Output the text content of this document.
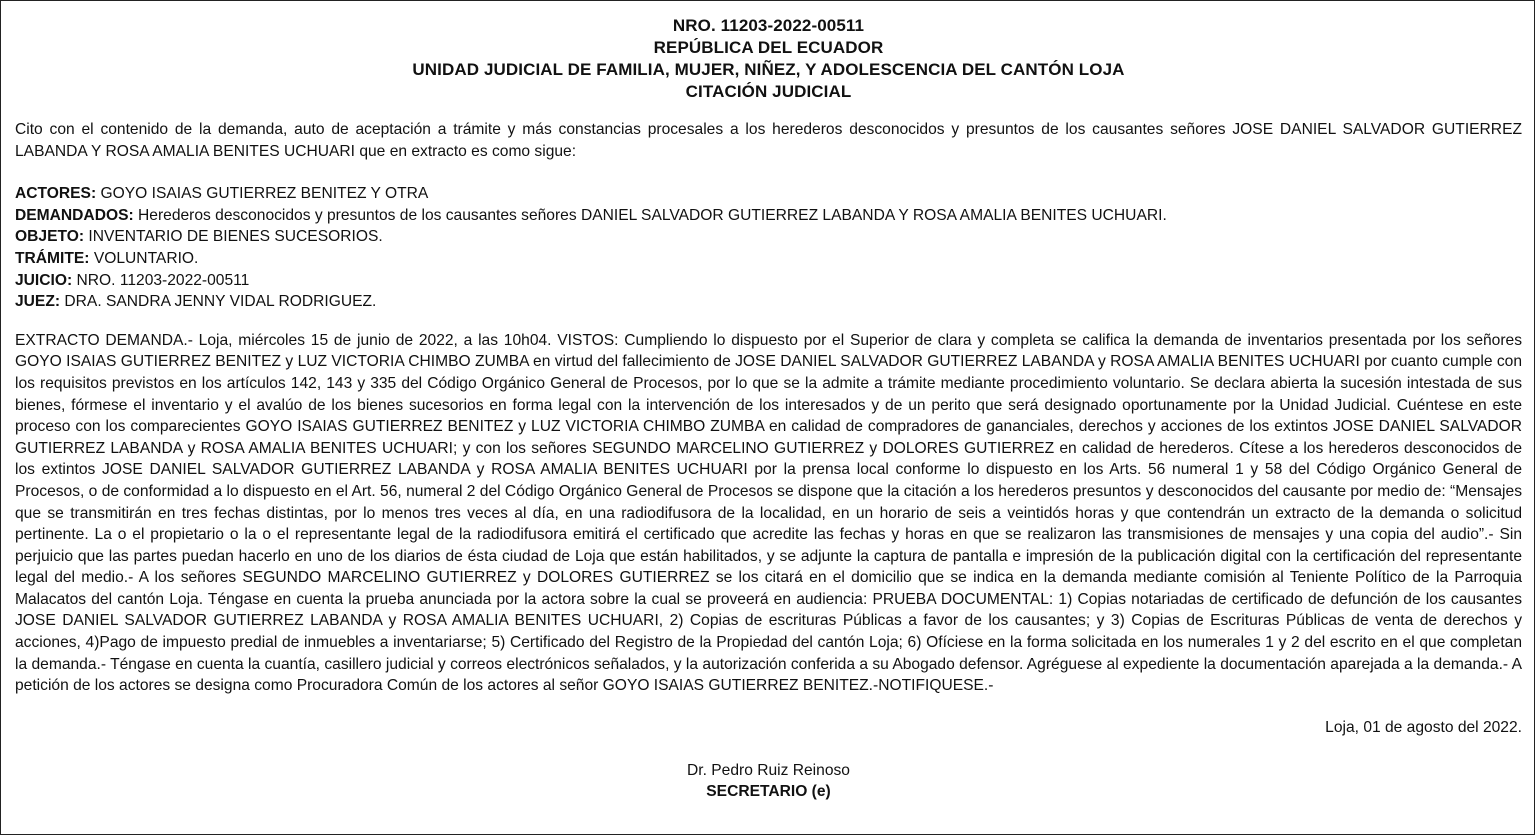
NRO. 11203-2022-00511
REPÚBLICA DEL ECUADOR
UNIDAD JUDICIAL DE FAMILIA, MUJER, NIÑEZ, Y ADOLESCENCIA DEL CANTÓN LOJA
CITACIÓN JUDICIAL

Cito con el contenido de la demanda, auto de aceptación a trámite y más constancias procesales a los herederos desconocidos y presuntos de los causantes señores JOSE DANIEL SALVADOR GUTIERREZ LABANDA Y ROSA AMALIA BENITES UCHUARI que en extracto es como sigue:

ACTORES: GOYO ISAIAS GUTIERREZ BENITEZ Y OTRA
DEMANDADOS: Herederos desconocidos y presuntos de los causantes señores DANIEL SALVADOR GUTIERREZ LABANDA Y ROSA AMALIA BENITES UCHUARI.
OBJETO: INVENTARIO DE BIENES SUCESORIOS.
TRÁMITE: VOLUNTARIO.
JUICIO: NRO. 11203-2022-00511
JUEZ: DRA. SANDRA JENNY VIDAL RODRIGUEZ.

EXTRACTO DEMANDA.- Loja, miércoles 15 de junio de 2022, a las 10h04. VISTOS: Cumpliendo lo dispuesto por el Superior de clara y completa se califica la demanda de inventarios presentada por los señores GOYO ISAIAS GUTIERREZ BENITEZ y LUZ VICTORIA CHIMBO ZUMBA en virtud del fallecimiento de JOSE DANIEL SALVADOR GUTIERREZ LABANDA y ROSA AMALIA BENITES UCHUARI por cuanto cumple con los requisitos previstos en los artículos 142, 143 y 335 del Código Orgánico General de Procesos, por lo que se la admite a trámite mediante procedimiento voluntario. Se declara abierta la sucesión intestada de sus bienes, fórmese el inventario y el avalúo de los bienes sucesorios en forma legal con la intervención de los interesados y de un perito que será designado oportunamente por la Unidad Judicial. Cuéntese en este proceso con los comparecientes GOYO ISAIAS GUTIERREZ BENITEZ y LUZ VICTORIA CHIMBO ZUMBA en calidad de compradores de gananciales, derechos y acciones de los extintos JOSE DANIEL SALVADOR GUTIERREZ LABANDA y ROSA AMALIA BENITES UCHUARI; y con los señores SEGUNDO MARCELINO GUTIERREZ y DOLORES GUTIERREZ en calidad de herederos. Cítese a los herederos desconocidos de los extintos JOSE DANIEL SALVADOR GUTIERREZ LABANDA y ROSA AMALIA BENITES UCHUARI por la prensa local conforme lo dispuesto en los Arts. 56 numeral 1 y 58 del Código Orgánico General de Procesos, o de conformidad a lo dispuesto en el Art. 56, numeral 2 del Código Orgánico General de Procesos se dispone que la citación a los herederos presuntos y desconocidos del causante por medio de: “Mensajes que se transmitirán en tres fechas distintas, por lo menos tres veces al día, en una radiodifusora de la localidad, en un horario de seis a veintidós horas y que contendrán un extracto de la demanda o solicitud pertinente. La o el propietario o la o el representante legal de la radiodifusora emitirá el certificado que acredite las fechas y horas en que se realizaron las transmisiones de mensajes y una copia del audio”.- Sin perjuicio que las partes puedan hacerlo en uno de los diarios de ésta ciudad de Loja que están habilitados, y se adjunte la captura de pantalla e impresión de la publicación digital con la certificación del representante legal del medio.- A los señores SEGUNDO MARCELINO GUTIERREZ y DOLORES GUTIERREZ se los citará en el domicilio que se indica en la demanda mediante comisión al Teniente Político de la Parroquia Malacatos del cantón Loja. Téngase en cuenta la prueba anunciada por la actora sobre la cual se proveerá en audiencia: PRUEBA DOCUMENTAL: 1) Copias notariadas de certificado de defunción de los causantes JOSE DANIEL SALVADOR GUTIERREZ LABANDA y ROSA AMALIA BENITES UCHUARI, 2) Copias de escrituras Públicas a favor de los causantes; y 3) Copias de Escrituras Públicas de venta de derechos y acciones, 4)Pago de impuesto predial de inmuebles a inventariarse; 5) Certificado del Registro de la Propiedad del cantón Loja; 6) Ofíciese en la forma solicitada en los numerales 1 y 2 del escrito en el que completan la demanda.- Téngase en cuenta la cuantía, casillero judicial y correos electrónicos señalados, y la autorización conferida a su Abogado defensor. Agréguese al expediente la documentación aparejada a la demanda.- A petición de los actores se designa como Procuradora Común de los actores al señor GOYO ISAIAS GUTIERREZ BENITEZ.-NOTIFIQUESE.-

Loja, 01 de agosto del 2022.
Dr. Pedro Ruiz Reinoso
SECRETARIO (e)
